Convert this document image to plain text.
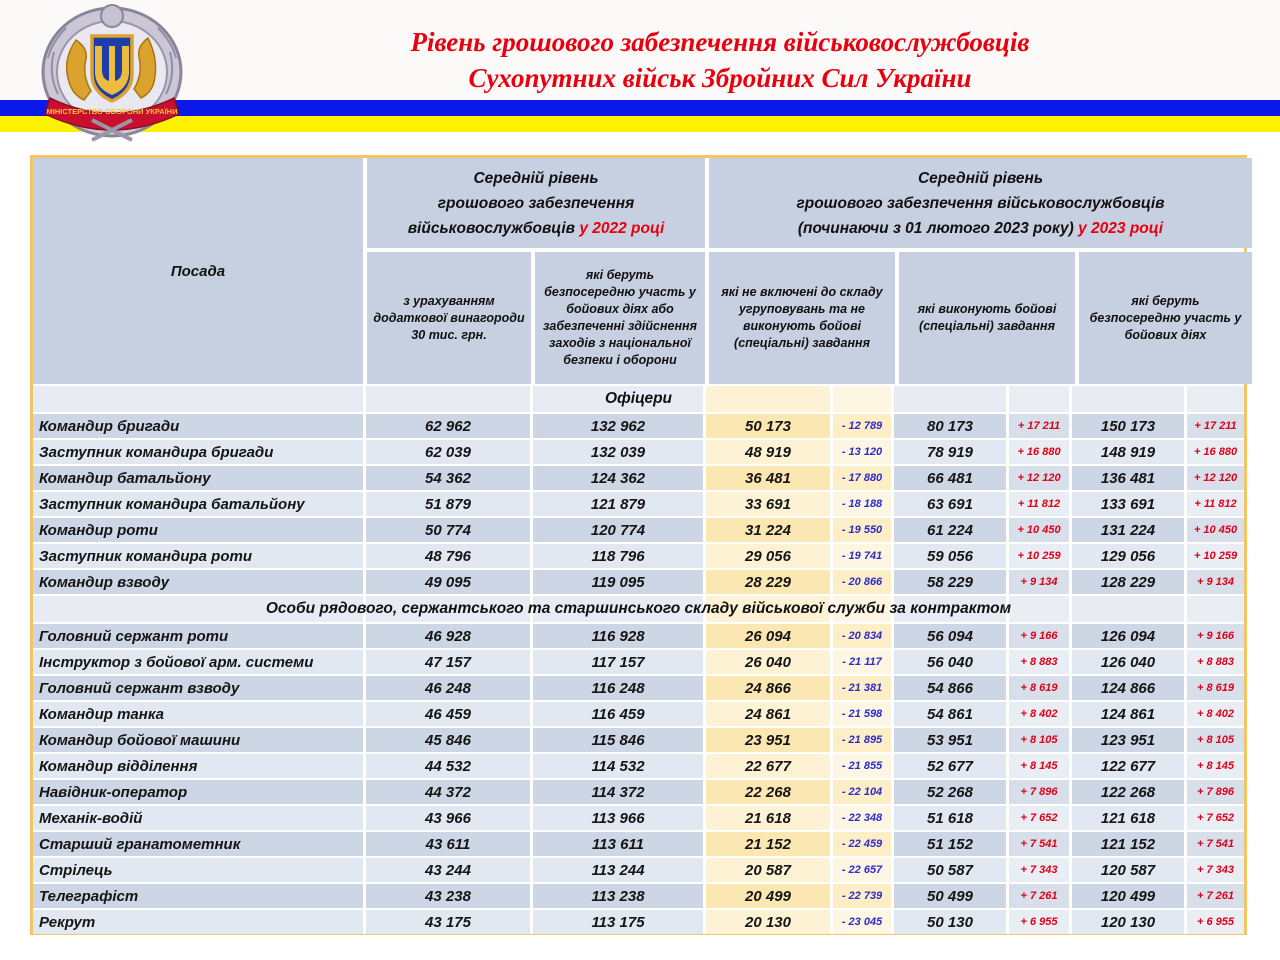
МІНІСТЕРСТВО ОБОРОНИ УКРАЇНИ
Рівень грошового забезпечення військовослужбовців
Сухопутних військ Збройних Сил України
Посада
Середній рівень
грошового забезпечення
військовослужбовців у 2022 році
Середній рівень
грошового забезпечення військовослужбовців
(починаючи з 01 лютого 2023 року) у 2023 році
з урахуванням додаткової винагороди 30 тис. грн.
які беруть безпосередню участь у бойових діях або забезпеченні здійснення заходів з національної безпеки і оборони
які не включені до складу угруповувань та не виконують бойові (спеціальні) завдання
які виконують бойові (спеціальні) завдання
які беруть безпосередню участь у бойових діях
Офіцери
Командир бригади	62 962	132 962	50 173	- 12 789	80 173	+ 17 211	150 173	+ 17 211
Заступник командира бригади	62 039	132 039	48 919	- 13 120	78 919	+ 16 880	148 919	+ 16 880
Командир батальйону	54 362	124 362	36 481	- 17 880	66 481	+ 12 120	136 481	+ 12 120
Заступник командира батальйону	51 879	121 879	33 691	- 18 188	63 691	+ 11 812	133 691	+ 11 812
Командир роти	50 774	120 774	31 224	- 19 550	61 224	+ 10 450	131 224	+ 10 450
Заступник командира роти	48 796	118 796	29 056	- 19 741	59 056	+ 10 259	129 056	+ 10 259
Командир взводу	49 095	119 095	28 229	- 20 866	58 229	+ 9 134	128 229	+ 9 134
Особи рядового, сержантського та старшинського складу військової служби за контрактом
Головний сержант роти	46 928	116 928	26 094	- 20 834	56 094	+ 9 166	126 094	+ 9 166
Інструктор з бойової арм. системи	47 157	117 157	26 040	- 21 117	56 040	+ 8 883	126 040	+ 8 883
Головний сержант взводу	46 248	116 248	24 866	- 21 381	54 866	+ 8 619	124 866	+ 8 619
Командир танка	46 459	116 459	24 861	- 21 598	54 861	+ 8 402	124 861	+ 8 402
Командир бойової машини	45 846	115 846	23 951	- 21 895	53 951	+ 8 105	123 951	+ 8 105
Командир відділення	44 532	114 532	22 677	- 21 855	52 677	+ 8 145	122 677	+ 8 145
Навідник-оператор	44 372	114 372	22 268	- 22 104	52 268	+ 7 896	122 268	+ 7 896
Механік-водій	43 966	113 966	21 618	- 22 348	51 618	+ 7 652	121 618	+ 7 652
Старший гранатометник	43 611	113 611	21 152	- 22 459	51 152	+ 7 541	121 152	+ 7 541
Стрілець	43 244	113 244	20 587	- 22 657	50 587	+ 7 343	120 587	+ 7 343
Телеграфіст	43 238	113 238	20 499	- 22 739	50 499	+ 7 261	120 499	+ 7 261
Рекрут	43 175	113 175	20 130	- 23 045	50 130	+ 6 955	120 130	+ 6 955
